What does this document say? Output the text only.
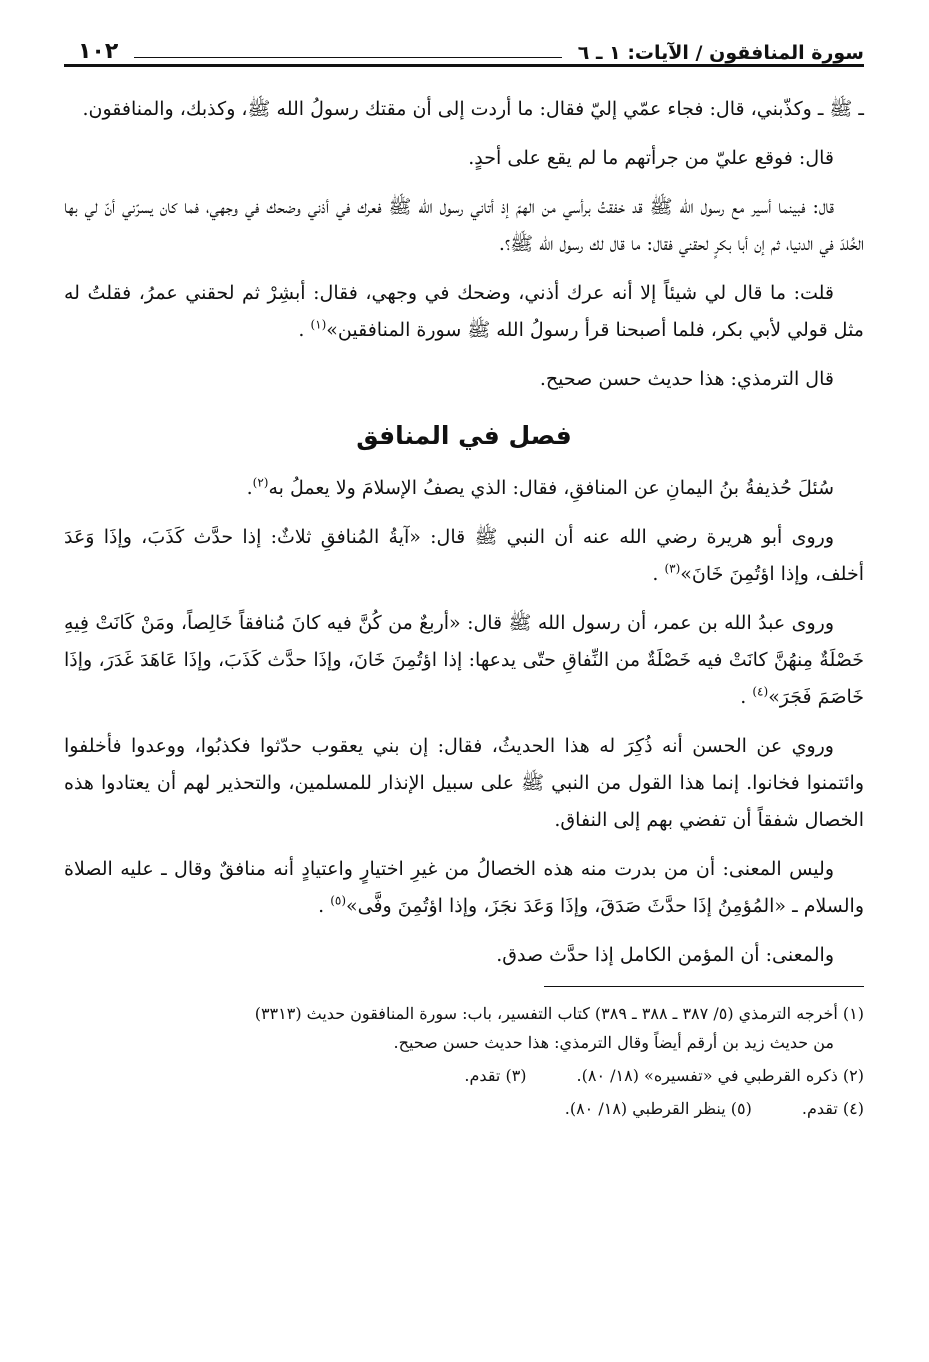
سورة المنافقون / الآيات: ١ ـ ٦
١٠٢

ـ ﷺ ـ وكذّبني، قال: فجاء عمّي إليّ فقال: ما أردت إلى أن مقتك رسولُ الله ﷺ، وكذبك، والمنافقون.

قال: فوقع عليّ من جرأتهم ما لم يقع على أحدٍ.

قال: فبينما أسير مع رسول الله ﷺ قد خفقتُ برأسي من الهمّ إذ أتاني رسول الله ﷺ فعرك في أذني وضحك في وجهي، فما كان يسرّني أنّ لي بها الخُلدَ في الدنيا، ثم إن أبا بكرٍ لحقني فقال: ما قال لك رسول الله ﷺ؟.

قلت: ما قال لي شيئاً إلا أنه عرك أذني، وضحك في وجهي، فقال: أبشِرْ ثم لحقني عمرُ، فقلتُ له مثل قولي لأبي بكر، فلما أصبحنا قرأ رسولُ الله ﷺ سورة المنافقين»$^{(١)}$ .

قال الترمذي: هذا حديث حسن صحيح.

فصل في المنافق

سُئلَ حُذيفةُ بنُ اليمانِ عن المنافقِ، فقال: الذي يصفُ الإسلامَ ولا يعملُ به$^{(٢)}$.

وروى أبو هريرة رضي الله عنه أن النبي ﷺ قال: «آيةُ المُنافقِ ثلاثٌ: إذا حدَّث كَذَبَ، وإذَا وَعَدَ أخلف، وإذا اؤتُمِنَ خَانَ»$^{(٣)}$ .

وروى عبدُ الله بن عمر، أن رسول الله ﷺ قال: «أربعٌ من كُنَّ فيه كانَ مُنافقاً خَالِصاً، ومَنْ كَانَتْ فِيهِ خَصْلَةٌ مِنهُنَّ كانَتْ فيه خَصْلَةٌ من النِّفاقِ حتّى يدعها: إذا اؤتُمِنَ خَانَ، وإذَا حدَّث كَذَبَ، وإذَا عَاهَدَ غَدَرَ، وإذَا خَاصَمَ فَجَرَ»$^{(٤)}$ .

وروي عن الحسن أنه ذُكِرَ له هذا الحديثُ، فقال: إن بني يعقوب حدّثوا فكذبُوا، ووعدوا فأخلفوا وائتمنوا فخانوا. إنما هذا القول من النبي ﷺ على سبيل الإنذار للمسلمين، والتحذير لهم أن يعتادوا هذه الخصال شفقاً أن تفضي بهم إلى النفاق.

وليس المعنى: أن من بدرت منه هذه الخصالُ من غيرِ اختيارٍ واعتيادٍ أنه منافقٌ وقال ـ عليه الصلاة والسلام ـ «المُؤمِنُ إذَا حدَّثَ صَدَقَ، وإذَا وَعَدَ نجَزَ، وإذا اؤتُمِنَ وفَّى»$^{(٥)}$ .

والمعنى: أن المؤمن الكامل إذا حدَّث صدق.

(١) أخرجه الترمذي (٥/ ٣٨٧ ـ ٣٨٨ ـ ٣٨٩) كتاب التفسير، باب: سورة المنافقون حديث (٣٣١٣)
من حديث زيد بن أرقم أيضاً وقال الترمذي: هذا حديث حسن صحيح.
(٢) ذكره القرطبي في «تفسيره» (١٨/ ٨٠).
(٣) تقدم.
(٤) تقدم.
(٥) ينظر القرطبي (١٨/ ٨٠).
